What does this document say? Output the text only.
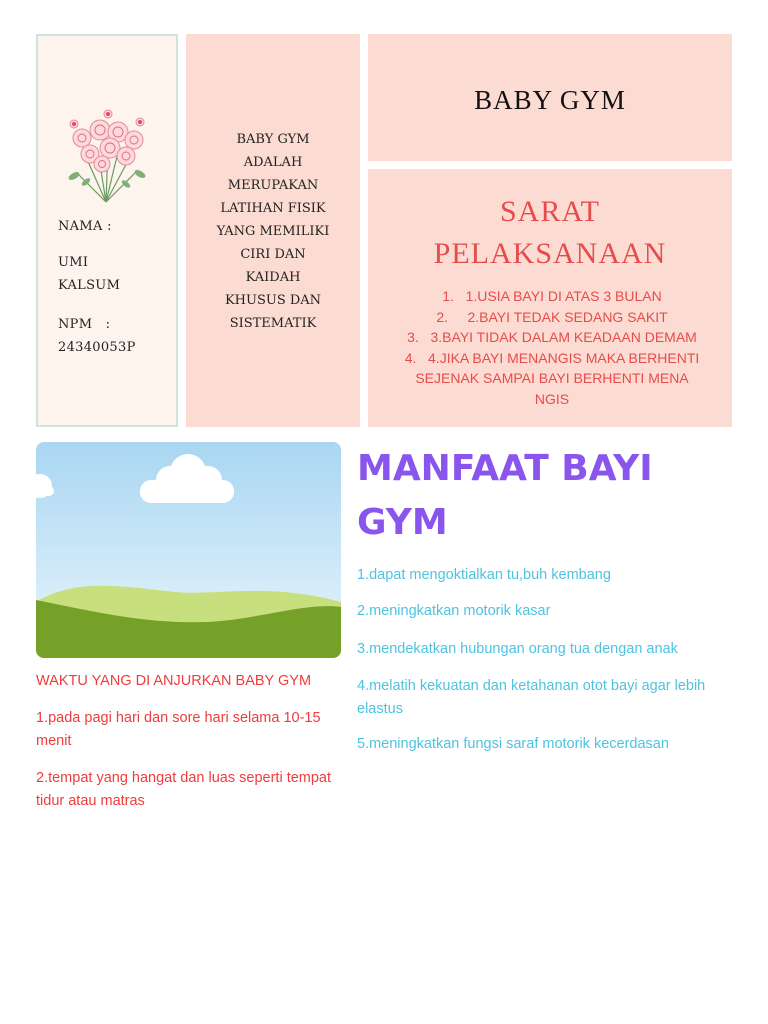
NAMA :
UMI
KALSUM
NPM   :
24340053P
BABY GYM
ADALAH
MERUPAKAN
LATIHAN FISIK
YANG MEMILIKI
CIRI DAN
KAIDAH
KHUSUS DAN
SISTEMATIK
BABY GYM
SARAT
PELAKSANAAN
1.   1.USIA BAYI DI ATAS 3 BULAN
2.     2.BAYI TEDAK SEDANG SAKIT
3.   3.BAYI TIDAK DALAM KEADAAN DEMAM
4.   4.JIKA BAYI MENANGIS MAKA BERHENTI
SEJENAK SAMPAI BAYI BERHENTI MENA
NGIS
WAKTU YANG DI ANJURKAN BABY GYM
1.pada pagi hari dan sore hari selama 10-15 menit
2.tempat yang hangat dan luas seperti tempat tidur atau matras
MANFAAT BAYI GYM
1.dapat mengoktialkan tu,buh kembang
2.meningkatkan motorik kasar
3.mendekatkan hubungan orang tua dengan anak
4.melatih kekuatan dan ketahanan otot bayi agar lebih elastus
5.meningkatkan fungsi saraf motorik kecerdasan
